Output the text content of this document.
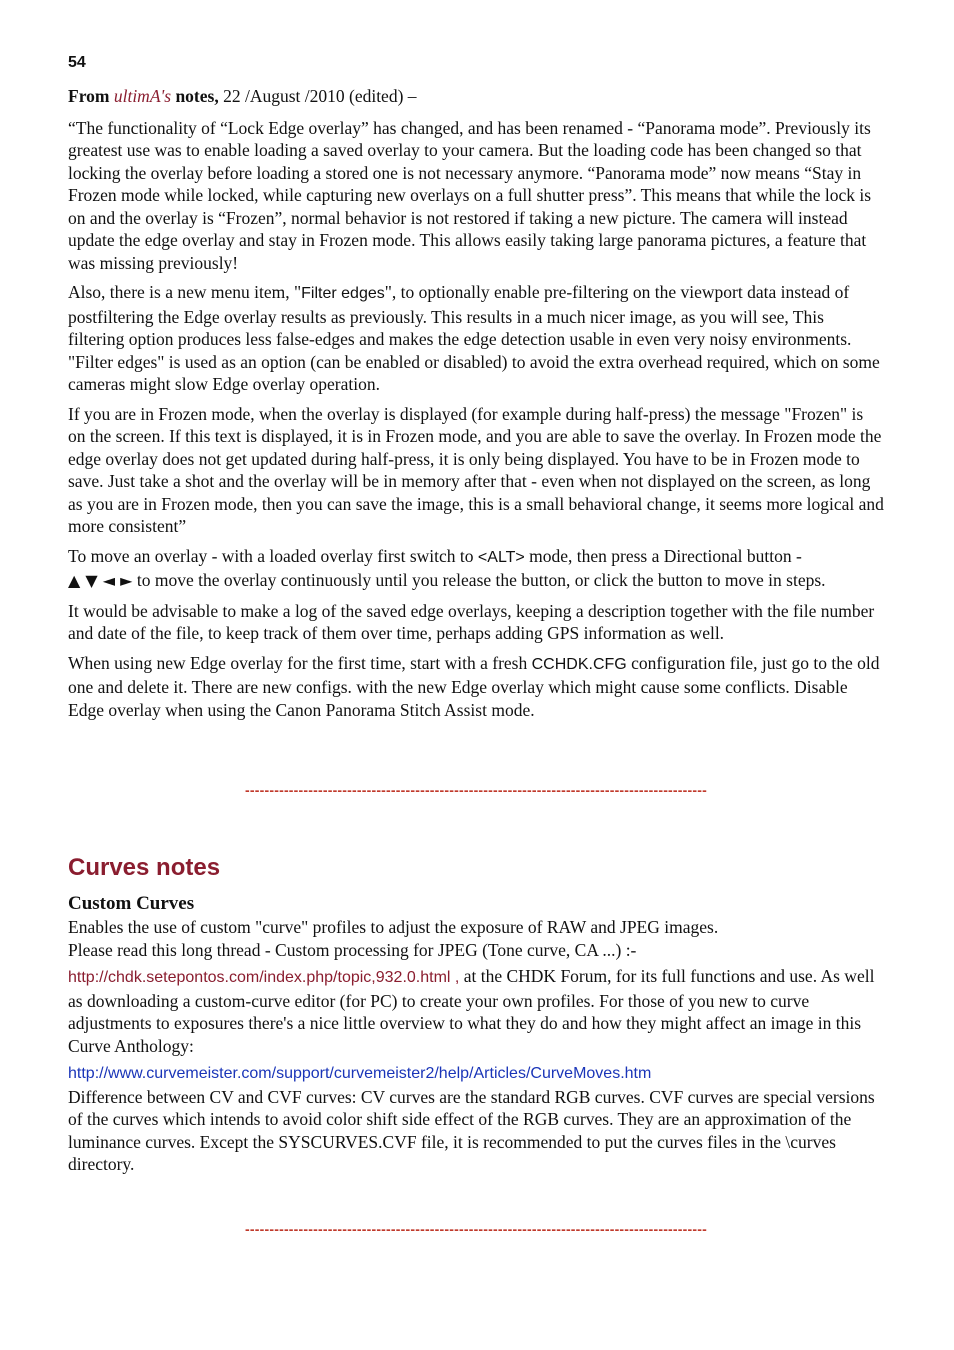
54

From ultimA's notes, 22 /August /2010 (edited) –

“The functionality of “Lock Edge overlay” has changed, and has been renamed - “Panorama mode”. Previously its greatest use was to enable loading a saved overlay to your camera. But the loading code has been changed so that locking the overlay before loading a stored one is not necessary anymore. “Panorama mode” now means “Stay in Frozen mode while locked, while capturing new overlays on a full shutter press”. This means that while the lock is on and the overlay is “Frozen”, normal behavior is not restored if taking a new picture. The camera will instead update the edge overlay and stay in Frozen mode. This allows easily taking large panorama pictures, a feature that was missing previously!

Also, there is a new menu item, "Filter edges", to optionally enable pre-filtering on the viewport data instead of postfiltering the Edge overlay results as previously. This results in a much nicer image, as you will see, This filtering option produces less false-edges and makes the edge detection usable in even very noisy environments. "Filter edges" is used as an option (can be enabled or disabled) to avoid the extra overhead required, which on some cameras might slow Edge overlay operation.

If you are in Frozen mode, when the overlay is displayed (for example during half-press) the message "Frozen" is on the screen. If this text is displayed, it is in Frozen mode, and you are able to save the overlay. In Frozen mode the edge overlay does not get updated during half-press, it is only being displayed. You have to be in Frozen mode to save. Just take a shot and the overlay will be in memory after that - even when not displayed on the screen, as long as you are in Frozen mode, then you can save the image, this is a small behavioral change, it seems more logical and more consistent”

To move an overlay - with a loaded overlay first switch to <ALT> mode, then press a Directional button -
▲ ▼ ◄ ► to move the overlay continuously until you release the button, or click the button to move in steps.

It would be advisable to make a log of the saved edge overlays, keeping a description together with the file number and date of the file, to keep track of them over time, perhaps adding GPS information as well.

When using new Edge overlay for the first time, start with a fresh CCHDK.CFG configuration file, just go to the old one and delete it. There are new configs. with the new Edge overlay which might cause some conflicts. Disable Edge overlay when using the Canon Panorama Stitch Assist mode.

-----------------------------------------------------------------------------------------------
Curves notes
Custom Curves
Enables the use of custom "curve" profiles to adjust the exposure of RAW and JPEG images.

Please read this long thread - Custom processing for JPEG (Tone curve, CA ...) :-

http://chdk.setepontos.com/index.php/topic,932.0.html , at the CHDK Forum, for its full functions and use. As well as downloading a custom-curve editor (for PC) to create your own profiles. For those of you new to curve adjustments to exposures there's a nice little overview to what they do and how they might affect an image in this Curve Anthology:

http://www.curvemeister.com/support/curvemeister2/help/Articles/CurveMoves.htm

Difference between CV and CVF curves: CV curves are the standard RGB curves. CVF curves are special versions of the curves which intends to avoid color shift side effect of the RGB curves. They are an approximation of the luminance curves. Except the SYSCURVES.CVF file, it is recommended to put the curves files in the \curves directory.

-----------------------------------------------------------------------------------------------
